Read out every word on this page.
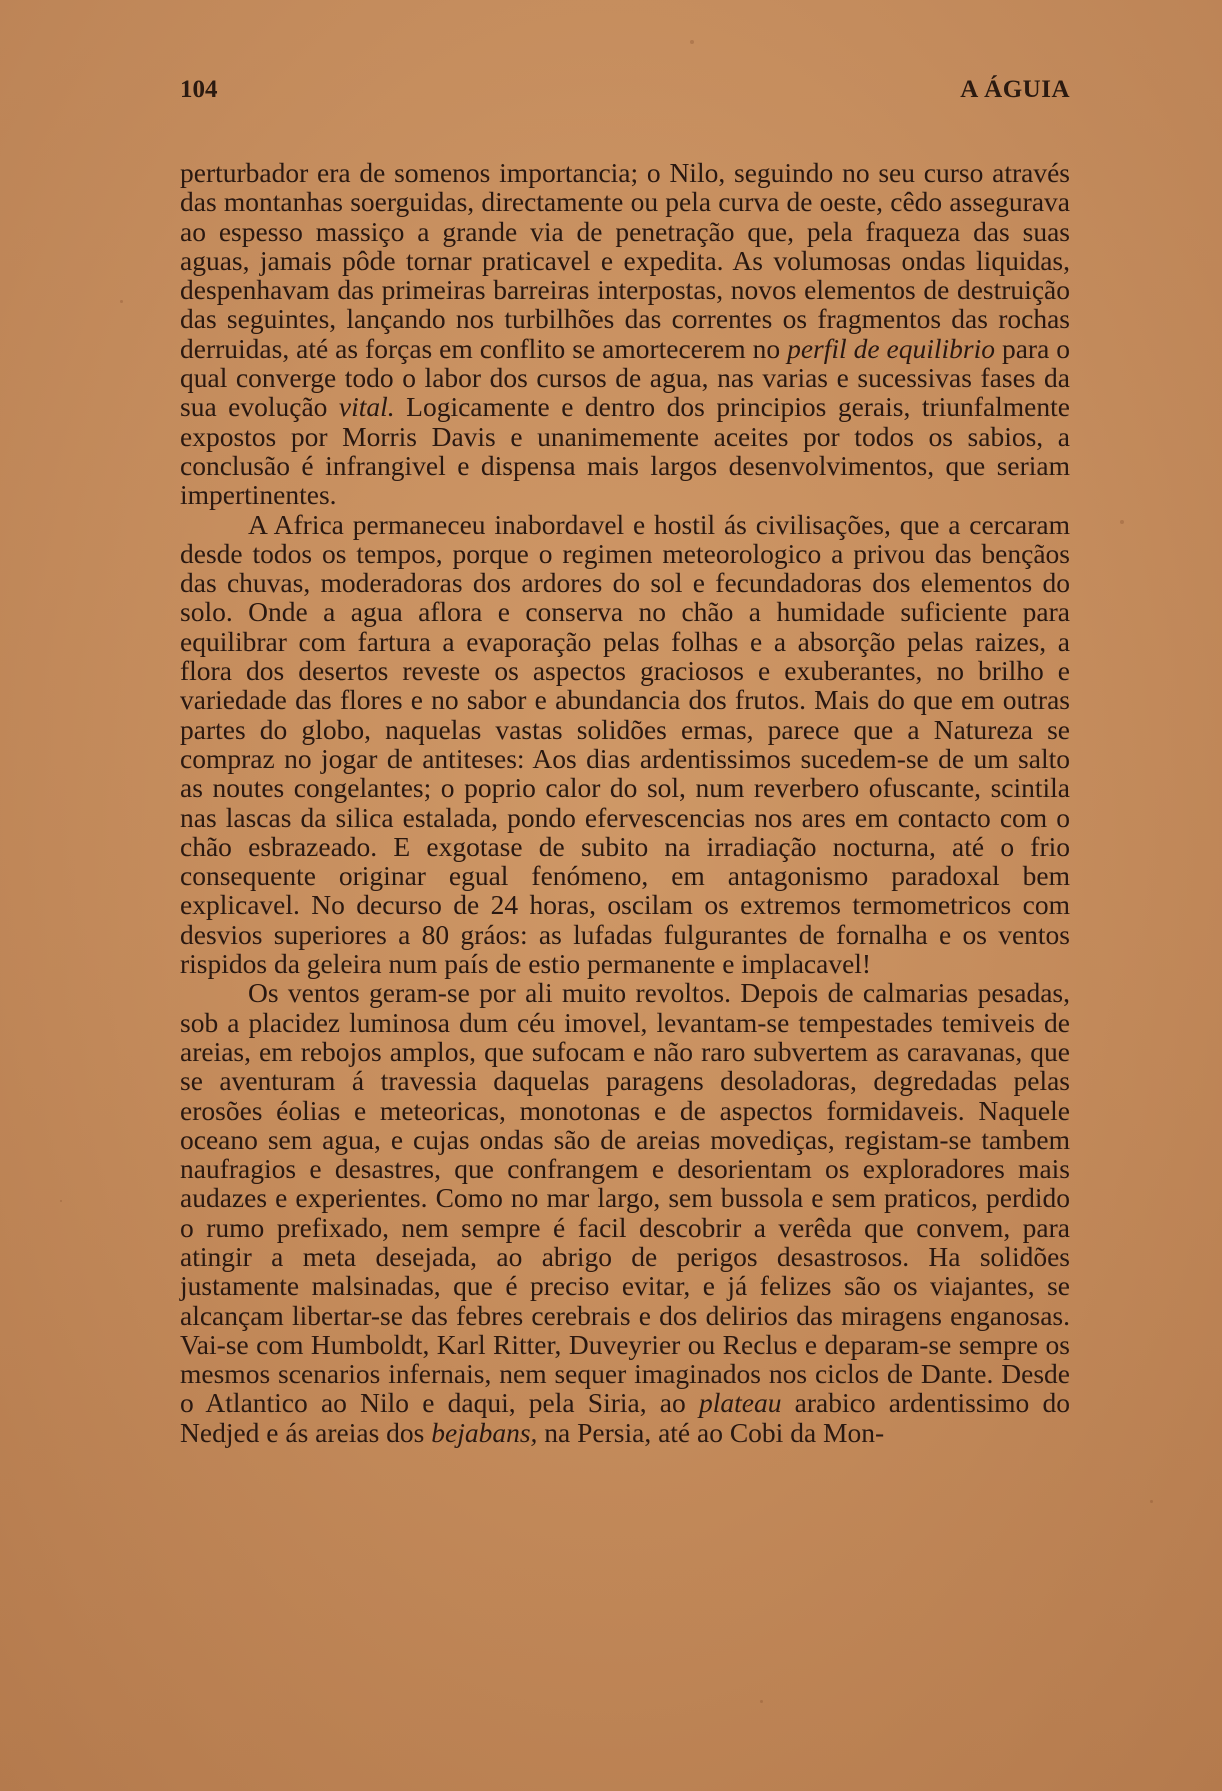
104	A ÁGUIA

perturbador era de somenos importancia; o Nilo, seguindo no seu curso através das montanhas soerguidas, directamente ou pela curva de oeste, cêdo assegurava ao espesso massiço a grande via de penetração que, pela fraqueza das suas aguas, jamais pôde tornar praticavel e expedita. As volumosas ondas liquidas, despenhavam das primeiras barreiras interpostas, novos elementos de destruição das seguintes, lançando nos turbilhões das correntes os fragmentos das rochas derruidas, até as forças em conflito se amortecerem no perfil de equilibrio para o qual converge todo o labor dos cursos de agua, nas varias e sucessivas fases da sua evolução vital. Logicamente e dentro dos principios gerais, triunfalmente expostos por Morris Davis e unanimemente aceites por todos os sabios, a conclusão é infrangivel e dispensa mais largos desenvolvimentos, que seriam impertinentes.

A Africa permaneceu inabordavel e hostil ás civilisações, que a cercaram desde todos os tempos, porque o regimen meteorologico a privou das bençãos das chuvas, moderadoras dos ardores do sol e fecundadoras dos elementos do solo. Onde a agua aflora e conserva no chão a humidade suficiente para equilibrar com fartura a evaporação pelas folhas e a absorção pelas raizes, a flora dos desertos reveste os aspectos graciosos e exuberantes, no brilho e variedade das flores e no sabor e abundancia dos frutos. Mais do que em outras partes do globo, naquelas vastas solidões ermas, parece que a Natureza se compraz no jogar de antiteses: Aos dias ardentissimos sucedem-se de um salto as noutes congelantes; o poprio calor do sol, num reverbero ofuscante, scintila nas lascas da silica estalada, pondo efervescencias nos ares em contacto com o chão esbrazeado. E exgotase de subito na irradiação nocturna, até o frio consequente originar egual fenómeno, em antagonismo paradoxal bem explicavel. No decurso de 24 horas, oscilam os extremos termometricos com desvios superiores a 80 gráos: as lufadas fulgurantes de fornalha e os ventos rispidos da geleira num país de estio permanente e implacavel!

Os ventos geram-se por ali muito revoltos. Depois de calmarias pesadas, sob a placidez luminosa dum céu imovel, levantam-se tempestades temiveis de areias, em rebojos amplos, que sufocam e não raro subvertem as caravanas, que se aventuram á travessia daquelas paragens desoladoras, degredadas pelas erosões éolias e meteoricas, monotonas e de aspectos formidaveis. Naquele oceano sem agua, e cujas ondas são de areias movediças, registam-se tambem naufragios e desastres, que confrangem e desorientam os exploradores mais audazes e experientes. Como no mar largo, sem bussola e sem praticos, perdido o rumo prefixado, nem sempre é facil descobrir a verêda que convem, para atingir a meta desejada, ao abrigo de perigos desastrosos. Ha solidões justamente malsinadas, que é preciso evitar, e já felizes são os viajantes, se alcançam libertar-se das febres cerebrais e dos delirios das miragens enganosas. Vai-se com Humboldt, Karl Ritter, Duveyrier ou Reclus e deparam-se sempre os mesmos scenarios infernais, nem sequer imaginados nos ciclos de Dante. Desde o Atlantico ao Nilo e daqui, pela Siria, ao plateau arabico ardentissimo do Nedjed e ás areias dos bejabans, na Persia, até ao Cobi da Mon-
